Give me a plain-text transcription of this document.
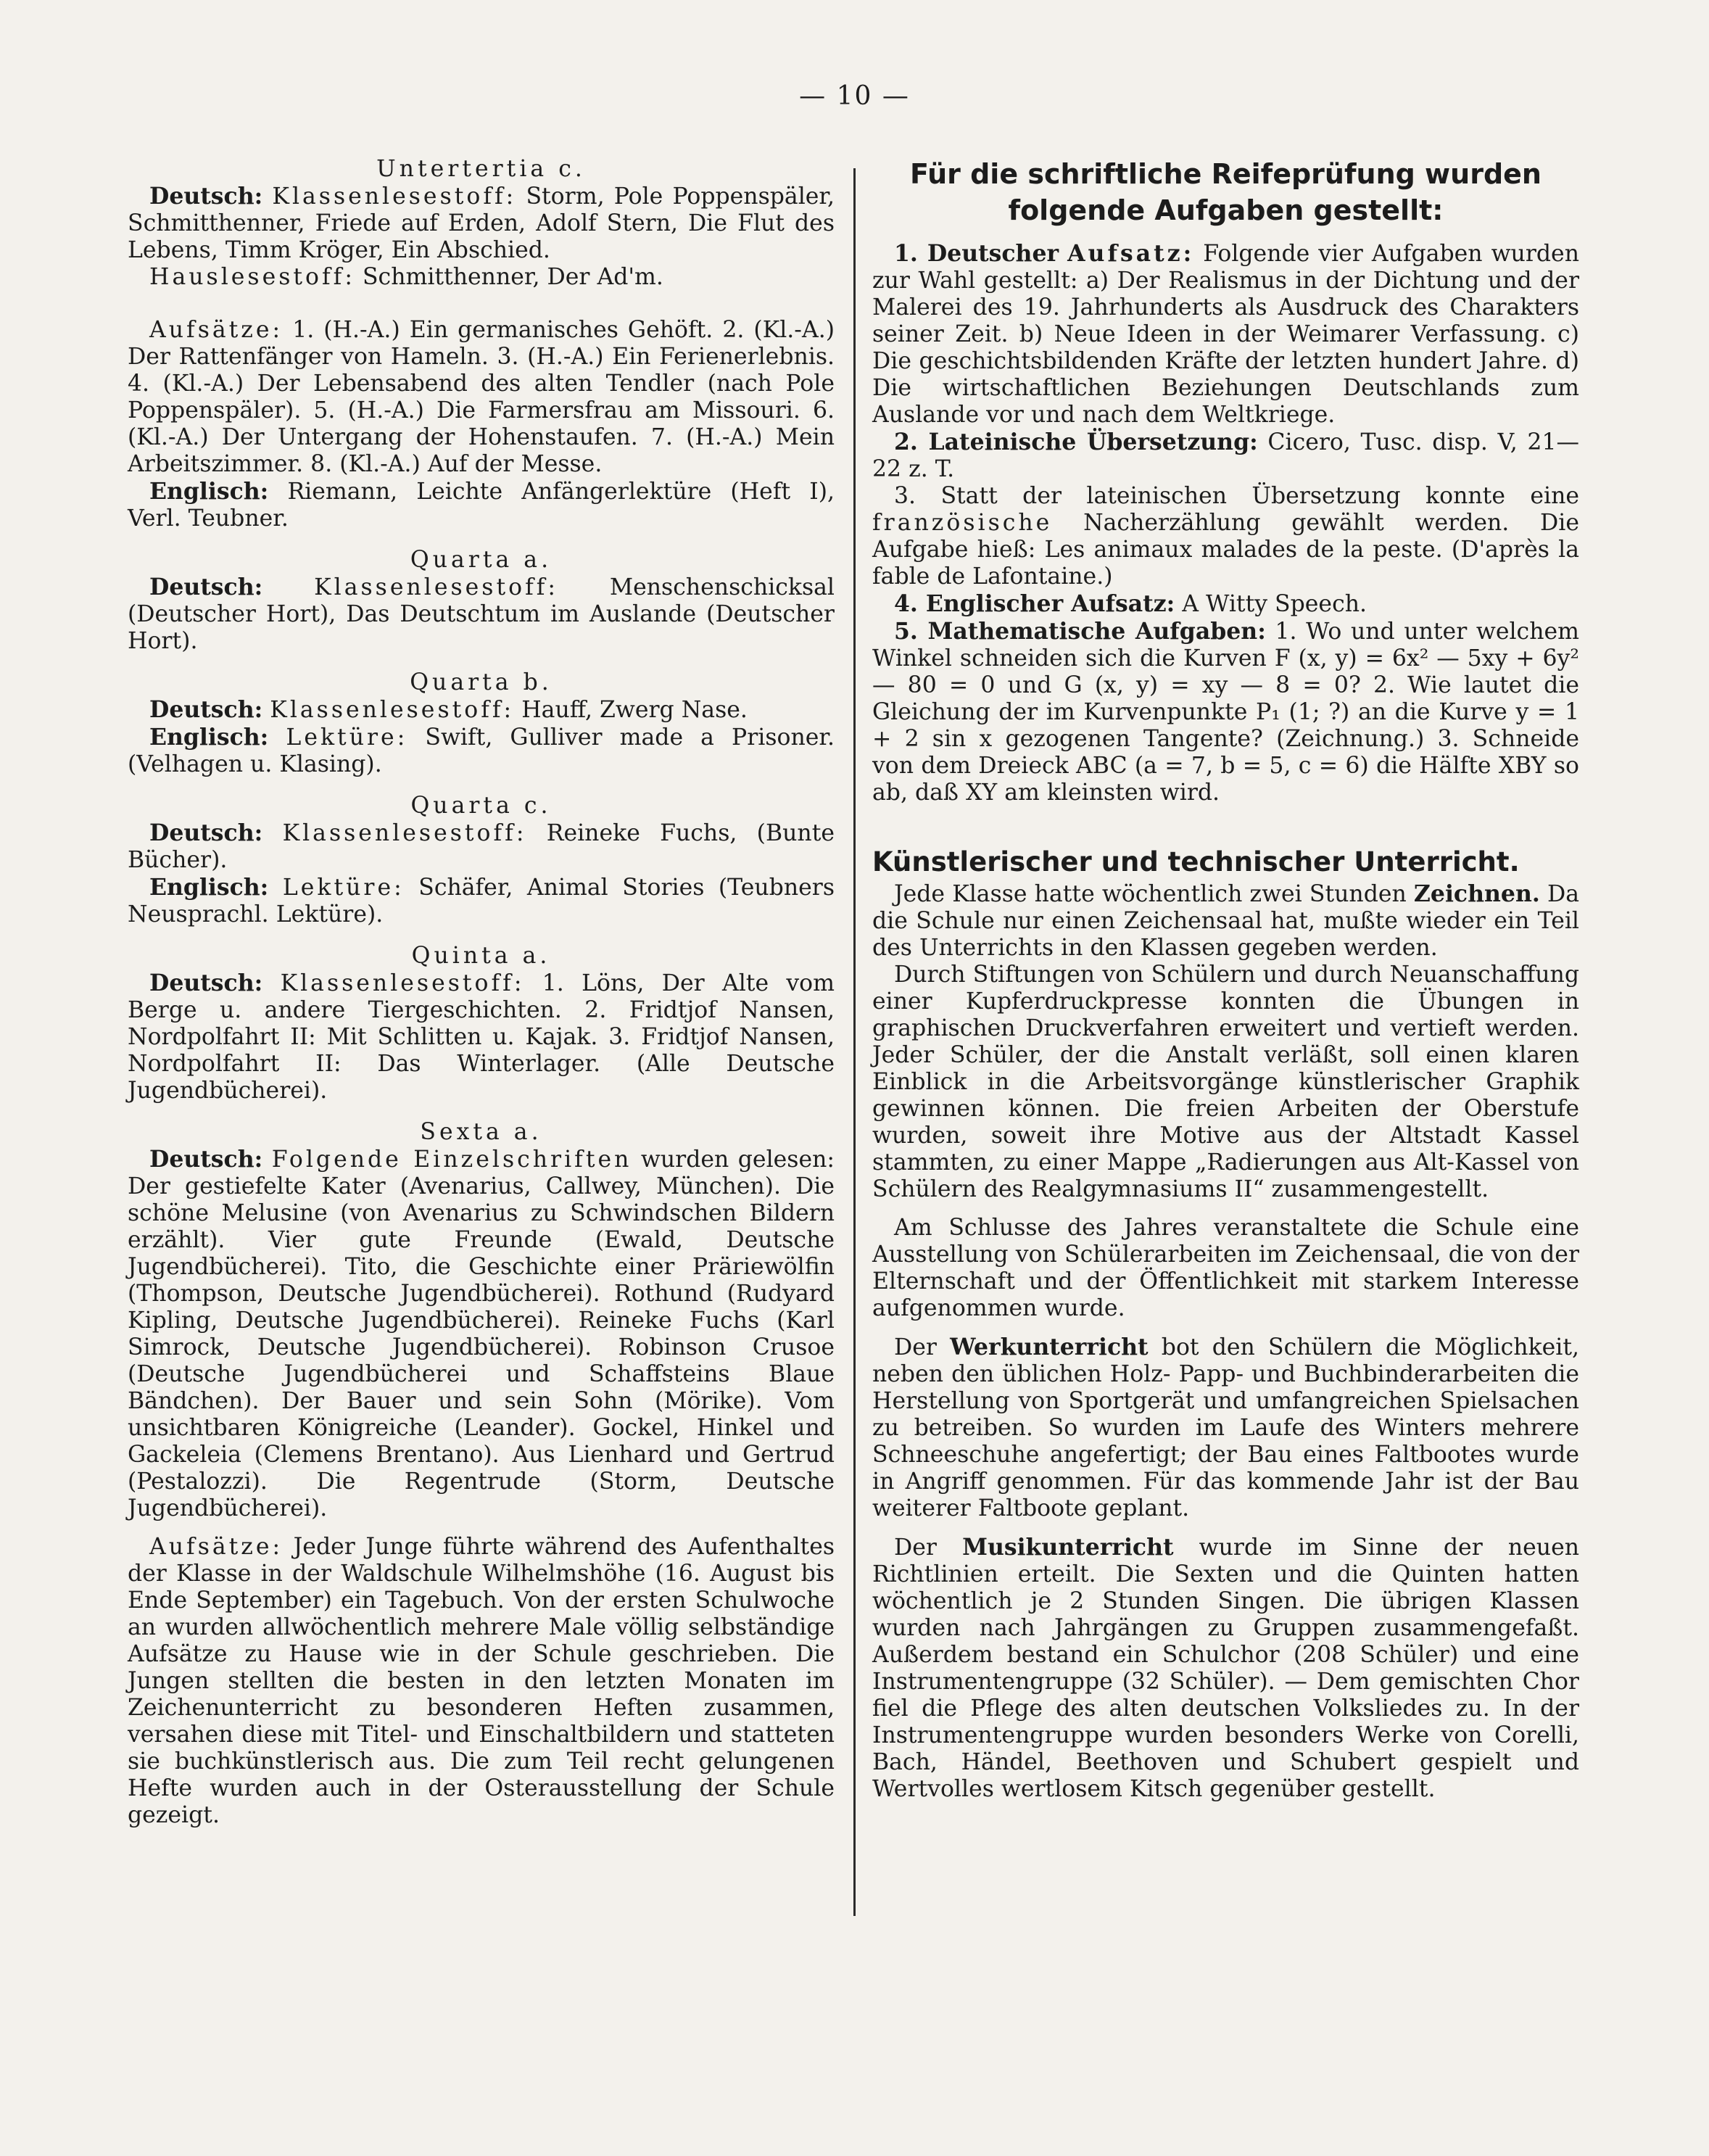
— 10 —

Untertertia c.

Deutsch: Klassenlesestoff: Storm, Pole Poppenspäler, Schmitthenner, Friede auf Erden, Adolf Stern, Die Flut des Lebens, Timm Kröger, Ein Abschied.

Hauslesestoff: Schmitthenner, Der Ad'm.

Aufsätze: 1. (H.-A.) Ein germanisches Gehöft. 2. (Kl.-A.) Der Rattenfänger von Hameln. 3. (H.-A.) Ein Ferienerlebnis. 4. (Kl.-A.) Der Lebensabend des alten Tendler (nach Pole Poppenspäler). 5. (H.-A.) Die Farmersfrau am Missouri. 6. (Kl.-A.) Der Untergang der Hohenstaufen. 7. (H.-A.) Mein Arbeitszimmer. 8. (Kl.-A.) Auf der Messe.

Englisch: Riemann, Leichte Anfängerlektüre (Heft I), Verl. Teubner.

Quarta a.

Deutsch: Klassenlesestoff: Menschenschicksal (Deutscher Hort), Das Deutschtum im Auslande (Deutscher Hort).

Quarta b.

Deutsch: Klassenlesestoff: Hauff, Zwerg Nase.

Englisch: Lektüre: Swift, Gulliver made a Prisoner. (Velhagen u. Klasing).

Quarta c.

Deutsch: Klassenlesestoff: Reineke Fuchs, (Bunte Bücher).

Englisch: Lektüre: Schäfer, Animal Stories (Teubners Neusprachl. Lektüre).

Quinta a.

Deutsch: Klassenlesestoff: 1. Löns, Der Alte vom Berge u. andere Tiergeschichten. 2. Fridtjof Nansen, Nordpolfahrt II: Mit Schlitten u. Kajak. 3. Fridtjof Nansen, Nordpolfahrt II: Das Winterlager. (Alle Deutsche Jugendbücherei).

Sexta a.

Deutsch: Folgende Einzelschriften wurden gelesen: Der gestiefelte Kater (Avenarius, Callwey, München). Die schöne Melusine (von Avenarius zu Schwindschen Bildern erzählt). Vier gute Freunde (Ewald, Deutsche Jugendbücherei). Tito, die Geschichte einer Präriewölfin (Thompson, Deutsche Jugendbücherei). Rothund (Rudyard Kipling, Deutsche Jugendbücherei). Reineke Fuchs (Karl Simrock, Deutsche Jugendbücherei). Robinson Crusoe (Deutsche Jugendbücherei und Schaffsteins Blaue Bändchen). Der Bauer und sein Sohn (Mörike). Vom unsichtbaren Königreiche (Leander). Gockel, Hinkel und Gackeleia (Clemens Brentano). Aus Lienhard und Gertrud (Pestalozzi). Die Regentrude (Storm, Deutsche Jugendbücherei).

Aufsätze: Jeder Junge führte während des Aufenthaltes der Klasse in der Waldschule Wilhelmshöhe (16. August bis Ende September) ein Tagebuch. Von der ersten Schulwoche an wurden allwöchentlich mehrere Male völlig selbständige Aufsätze zu Hause wie in der Schule geschrieben. Die Jungen stellten die besten in den letzten Monaten im Zeichenunterricht zu besonderen Heften zusammen, versahen diese mit Titel- und Einschaltbildern und statteten sie buchkünstlerisch aus. Die zum Teil recht gelungenen Hefte wurden auch in der Osterausstellung der Schule gezeigt.

Für die schriftliche Reifeprüfung wurden folgende Aufgaben gestellt:

1. Deutscher Aufsatz: Folgende vier Aufgaben wurden zur Wahl gestellt: a) Der Realismus in der Dichtung und der Malerei des 19. Jahrhunderts als Ausdruck des Charakters seiner Zeit. b) Neue Ideen in der Weimarer Verfassung. c) Die geschichtsbildenden Kräfte der letzten hundert Jahre. d) Die wirtschaftlichen Beziehungen Deutschlands zum Auslande vor und nach dem Weltkriege.

2. Lateinische Übersetzung: Cicero, Tusc. disp. V, 21—22 z. T.

3. Statt der lateinischen Übersetzung konnte eine französische Nacherzählung gewählt werden. Die Aufgabe hieß: Les animaux malades de la peste. (D'après la fable de Lafontaine.)

4. Englischer Aufsatz: A Witty Speech.

5. Mathematische Aufgaben: 1. Wo und unter welchem Winkel schneiden sich die Kurven F (x, y) = 6x² — 5xy + 6y² — 80 = 0 und G (x, y) = xy — 8 = 0? 2. Wie lautet die Gleichung der im Kurvenpunkte P₁ (1; ?) an die Kurve y = 1 + 2 sin x gezogenen Tangente? (Zeichnung.) 3. Schneide von dem Dreieck ABC (a = 7, b = 5, c = 6) die Hälfte XBY so ab, daß XY am kleinsten wird.

Künstlerischer und technischer Unterricht.

Jede Klasse hatte wöchentlich zwei Stunden Zeichnen. Da die Schule nur einen Zeichensaal hat, mußte wieder ein Teil des Unterrichts in den Klassen gegeben werden.

Durch Stiftungen von Schülern und durch Neuanschaffung einer Kupferdruckpresse konnten die Übungen in graphischen Druckverfahren erweitert und vertieft werden. Jeder Schüler, der die Anstalt verläßt, soll einen klaren Einblick in die Arbeitsvorgänge künstlerischer Graphik gewinnen können. Die freien Arbeiten der Oberstufe wurden, soweit ihre Motive aus der Altstadt Kassel stammten, zu einer Mappe „Radierungen aus Alt-Kassel von Schülern des Realgymnasiums II“ zusammengestellt.

Am Schlusse des Jahres veranstaltete die Schule eine Ausstellung von Schülerarbeiten im Zeichensaal, die von der Elternschaft und der Öffentlichkeit mit starkem Interesse aufgenommen wurde.

Der Werkunterricht bot den Schülern die Möglichkeit, neben den üblichen Holz- Papp- und Buchbinderarbeiten die Herstellung von Sportgerät und umfangreichen Spielsachen zu betreiben. So wurden im Laufe des Winters mehrere Schneeschuhe angefertigt; der Bau eines Faltbootes wurde in Angriff genommen. Für das kommende Jahr ist der Bau weiterer Faltboote geplant.

Der Musikunterricht wurde im Sinne der neuen Richtlinien erteilt. Die Sexten und die Quinten hatten wöchentlich je 2 Stunden Singen. Die übrigen Klassen wurden nach Jahrgängen zu Gruppen zusammengefaßt. Außerdem bestand ein Schulchor (208 Schüler) und eine Instrumentengruppe (32 Schüler). — Dem gemischten Chor fiel die Pflege des alten deutschen Volksliedes zu. In der Instrumentengruppe wurden besonders Werke von Corelli, Bach, Händel, Beethoven und Schubert gespielt und Wertvolles wertlosem Kitsch gegenüber gestellt.
